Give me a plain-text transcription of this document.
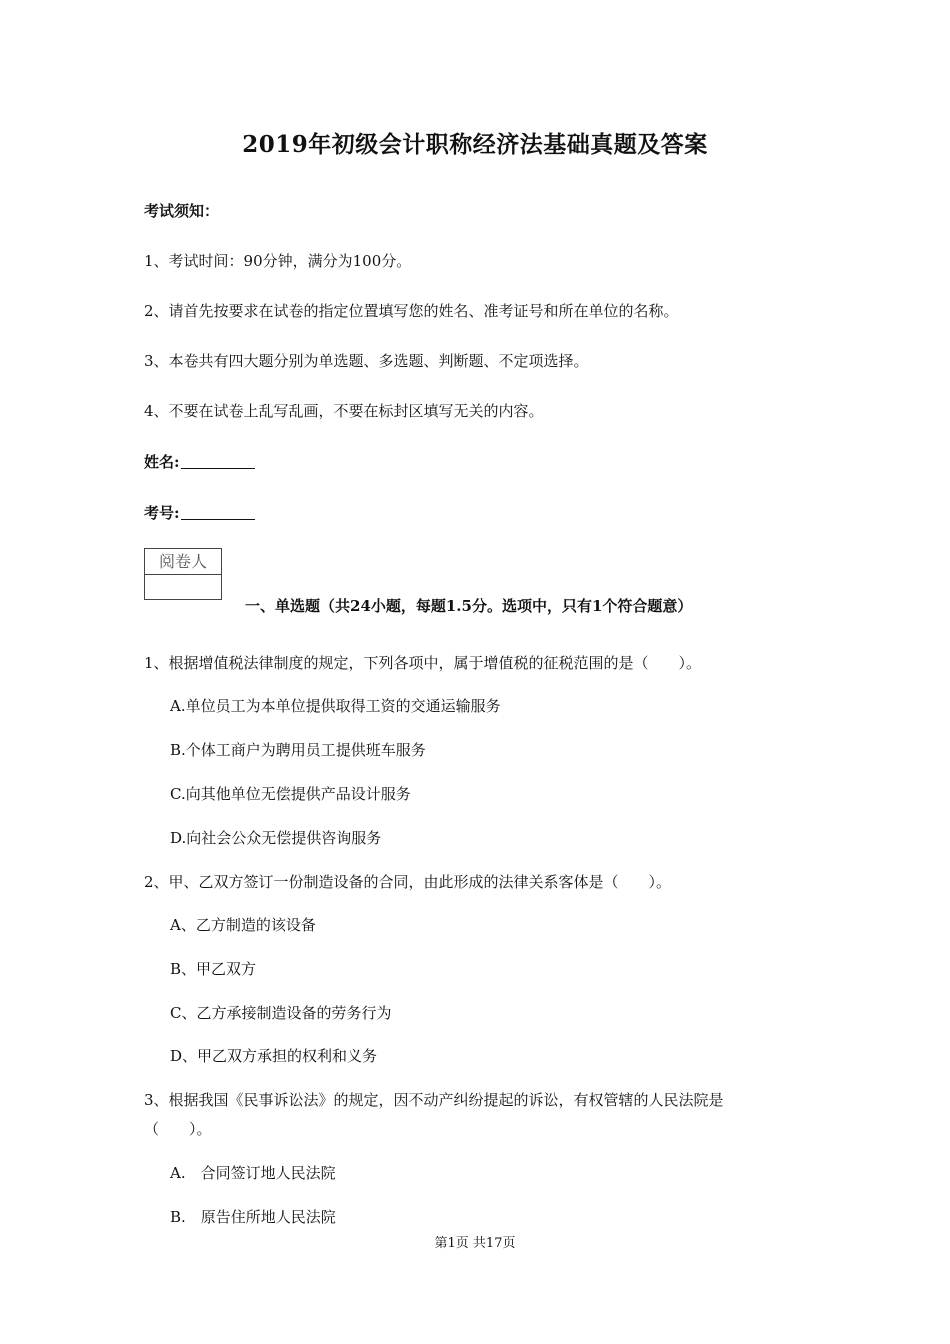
2019年初级会计职称经济法基础真题及答案
考试须知：
1、考试时间：90分钟，满分为100分。
2、请首先按要求在试卷的指定位置填写您的姓名、准考证号和所在单位的名称。
3、本卷共有四大题分别为单选题、多选题、判断题、不定项选择。
4、不要在试卷上乱写乱画，不要在标封区填写无关的内容。
姓名:
考号:
阅卷人
一、单选题（共24小题，每题1.5分。选项中，只有1个符合题意）
1、根据增值税法律制度的规定，下列各项中，属于增值税的征税范围的是（　　）。
A.单位员工为本单位提供取得工资的交通运输服务
B.个体工商户为聘用员工提供班车服务
C.向其他单位无偿提供产品设计服务
D.向社会公众无偿提供咨询服务
2、甲、乙双方签订一份制造设备的合同，由此形成的法律关系客体是（　　）。
A、乙方制造的该设备
B、甲乙双方
C、乙方承接制造设备的劳务行为
D、甲乙双方承担的权利和义务
3、根据我国《民事诉讼法》的规定，因不动产纠纷提起的诉讼，有权管辖的人民法院是
（　　）。
A.　合同签订地人民法院
B.　原告住所地人民法院
第1页 共17页
